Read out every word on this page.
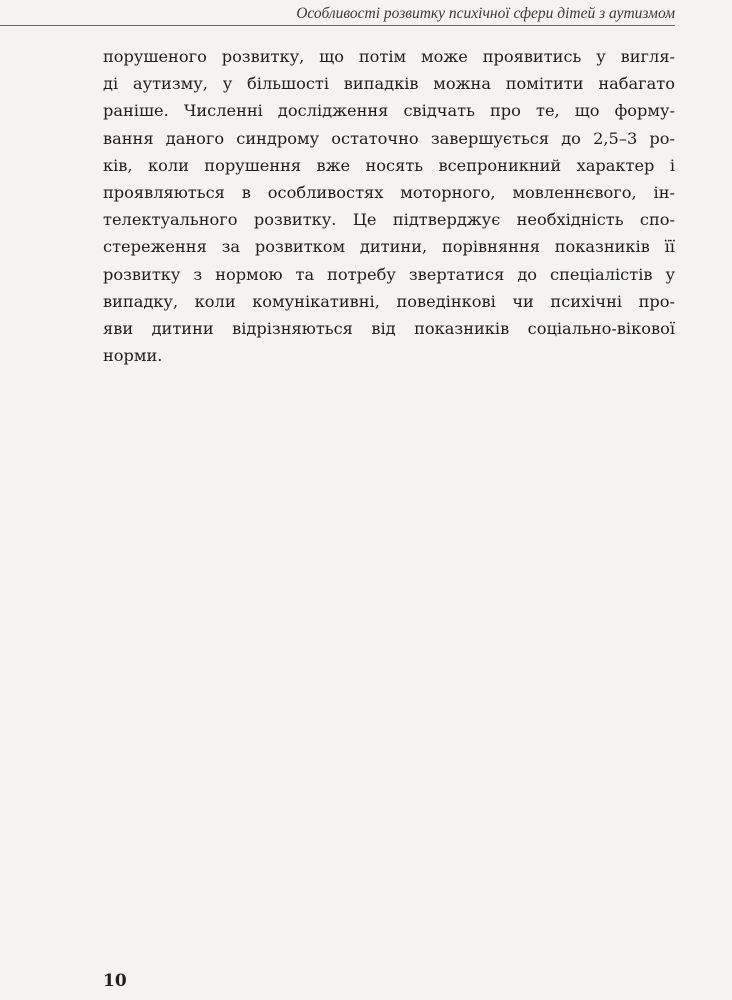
Особливості розвитку психічної сфери дітей з аутизмом
порушеного розвитку, що потім може проявитись у вигля-
ді аутизму, у більшості випадків можна помітити набагато
раніше. Численні дослідження свідчать про те, що форму-
вання даного синдрому остаточно завершується до 2,5–3 ро-
ків, коли порушення вже носять всепроникний характер і
проявляються в особливостях моторного, мовленнєвого, ін-
телектуального розвитку. Це підтверджує необхідність спо-
стереження за розвитком дитини, порівняння показників її
розвитку з нормою та потребу звертатися до спеціалістів у
випадку, коли комунікативні, поведінкові чи психічні про-
яви дитини відрізняються від показників соціально-вікової
норми.
10
